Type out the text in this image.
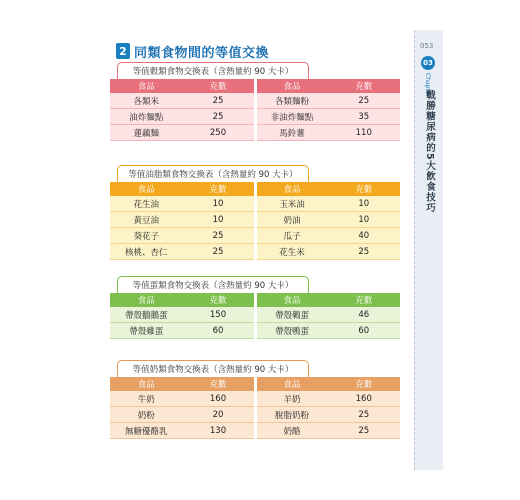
2 同類食物間的等值交換
等值穀類食物交換表（含熱量約 90 大卡）
食品	克數	食品	克數
各類米	25	各類麵粉	25
油炸麵點	25	非油炸麵點	35
蓮藕麵	250	馬鈴薯	110
等值油脂類食物交換表（含熱量約 90 大卡）
食品	克數	食品	克數
花生油	10	玉米油	10
黃豆油	10	奶油	10
葵花子	25	瓜子	40
核桃、杏仁	25	花生米	25
等值蛋類食物交換表（含熱量約 90 大卡）
食品	克數	食品	克數
帶殼鵝鵝蛋	150	帶殼鵪蛋	46
帶殼雞蛋	60	帶殼鴨蛋	60
等值奶類食物交換表（含熱量約 90 大卡）
食品	克數	食品	克數
牛奶	160	羊奶	160
奶粉	20	脫脂奶粉	25
無糖優酪乳	130	奶酪	25
053
03
Chapter
戰勝糖尿病的5大飲食技巧
